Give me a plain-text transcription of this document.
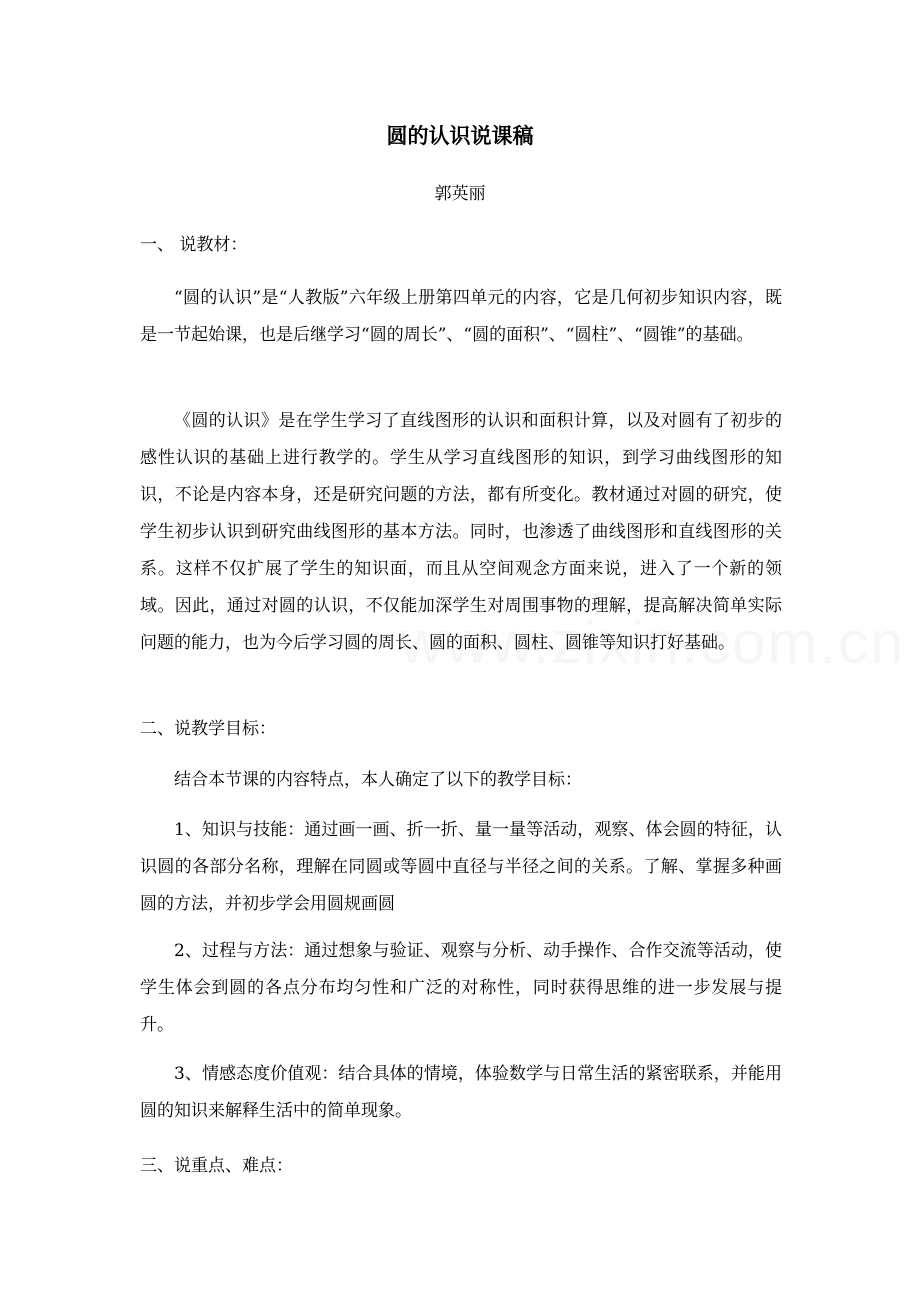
圆的认识说课稿
郭英丽
一、 说教材：
“圆的认识”是“人教版”六年级上册第四单元的内容，它是几何初步知识内容，既是一节起始课，也是后继学习“圆的周长”、“圆的面积”、“圆柱”、“圆锥”的基础。
《圆的认识》是在学生学习了直线图形的认识和面积计算，以及对圆有了初步的感性认识的基础上进行教学的。学生从学习直线图形的知识，到学习曲线图形的知识，不论是内容本身，还是研究问题的方法，都有所变化。教材通过对圆的研究，使学生初步认识到研究曲线图形的基本方法。同时，也渗透了曲线图形和直线图形的关系。这样不仅扩展了学生的知识面，而且从空间观念方面来说，进入了一个新的领域。因此，通过对圆的认识，不仅能加深学生对周围事物的理解，提高解决简单实际问题的能力，也为今后学习圆的周长、圆的面积、圆柱、圆锥等知识打好基础。
二、说教学目标：
结合本节课的内容特点，本人确定了以下的教学目标：
1、知识与技能：通过画一画、折一折、量一量等活动，观察、体会圆的特征，认识圆的各部分名称，理解在同圆或等圆中直径与半径之间的关系。了解、掌握多种画圆的方法，并初步学会用圆规画圆
2、过程与方法：通过想象与验证、观察与分析、动手操作、合作交流等活动，使学生体会到圆的各点分布均匀性和广泛的对称性，同时获得思维的进一步发展与提升。
3、情感态度价值观：结合具体的情境，体验数学与日常生活的紧密联系，并能用圆的知识来解释生活中的简单现象。
三、说重点、难点：
